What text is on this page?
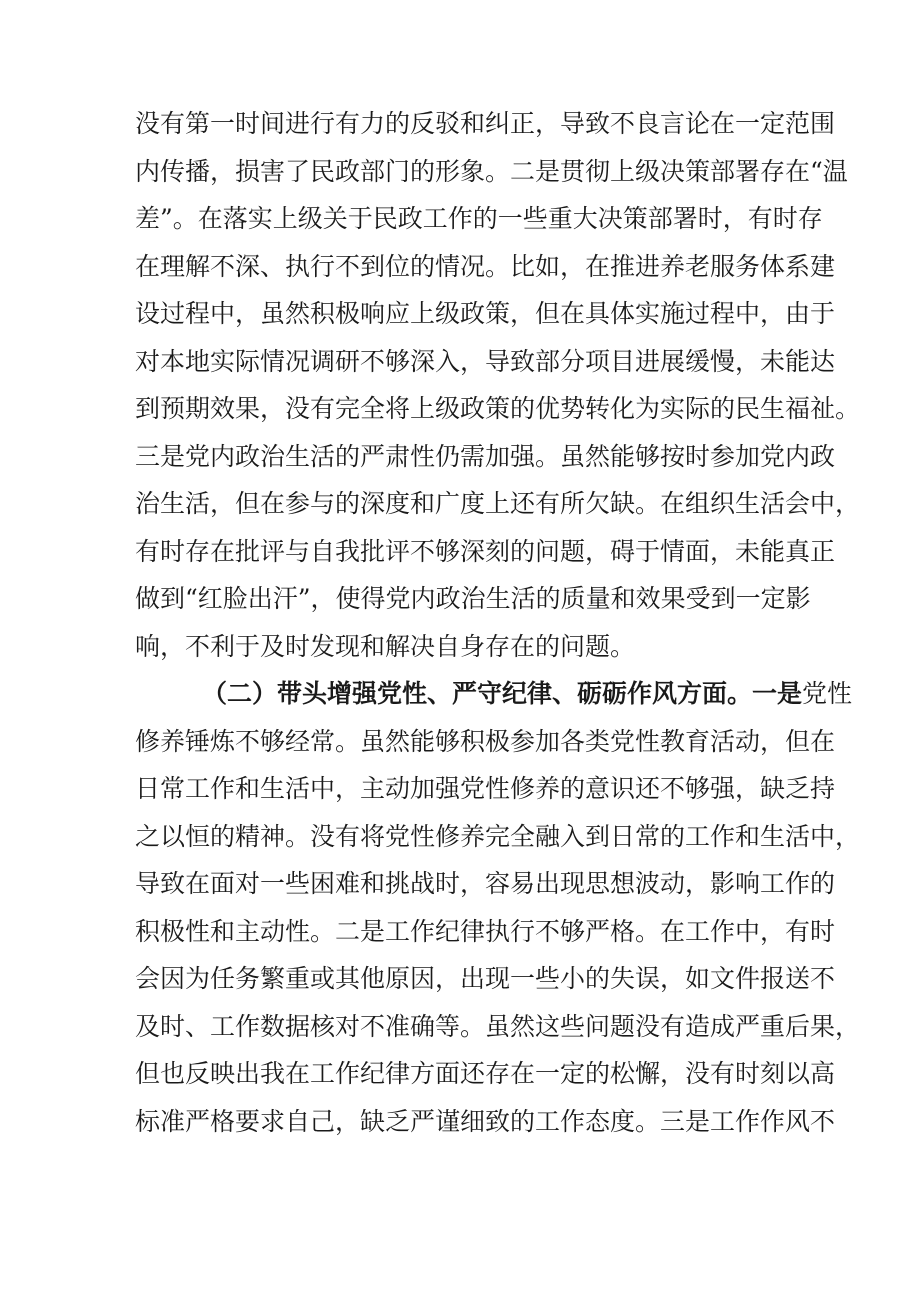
没有第一时间进行有力的反驳和纠正，导致不良言论在一定范围
内传播，损害了民政部门的形象。二是贯彻上级决策部署存在“温
差”。在落实上级关于民政工作的一些重大决策部署时，有时存
在理解不深、执行不到位的情况。比如，在推进养老服务体系建
设过程中，虽然积极响应上级政策，但在具体实施过程中，由于
对本地实际情况调研不够深入，导致部分项目进展缓慢，未能达
到预期效果，没有完全将上级政策的优势转化为实际的民生福祉。
三是党内政治生活的严肃性仍需加强。虽然能够按时参加党内政
治生活，但在参与的深度和广度上还有所欠缺。在组织生活会中，
有时存在批评与自我批评不够深刻的问题，碍于情面，未能真正
做到“红脸出汗”，使得党内政治生活的质量和效果受到一定影
响，不利于及时发现和解决自身存在的问题。
（二）带头增强党性、严守纪律、砺砺作风方面。一是党性
修养锤炼不够经常。虽然能够积极参加各类党性教育活动，但在
日常工作和生活中，主动加强党性修养的意识还不够强，缺乏持
之以恒的精神。没有将党性修养完全融入到日常的工作和生活中，
导致在面对一些困难和挑战时，容易出现思想波动，影响工作的
积极性和主动性。二是工作纪律执行不够严格。在工作中，有时
会因为任务繁重或其他原因，出现一些小的失误，如文件报送不
及时、工作数据核对不准确等。虽然这些问题没有造成严重后果，
但也反映出我在工作纪律方面还存在一定的松懈，没有时刻以高
标准严格要求自己，缺乏严谨细致的工作态度。三是工作作风不
